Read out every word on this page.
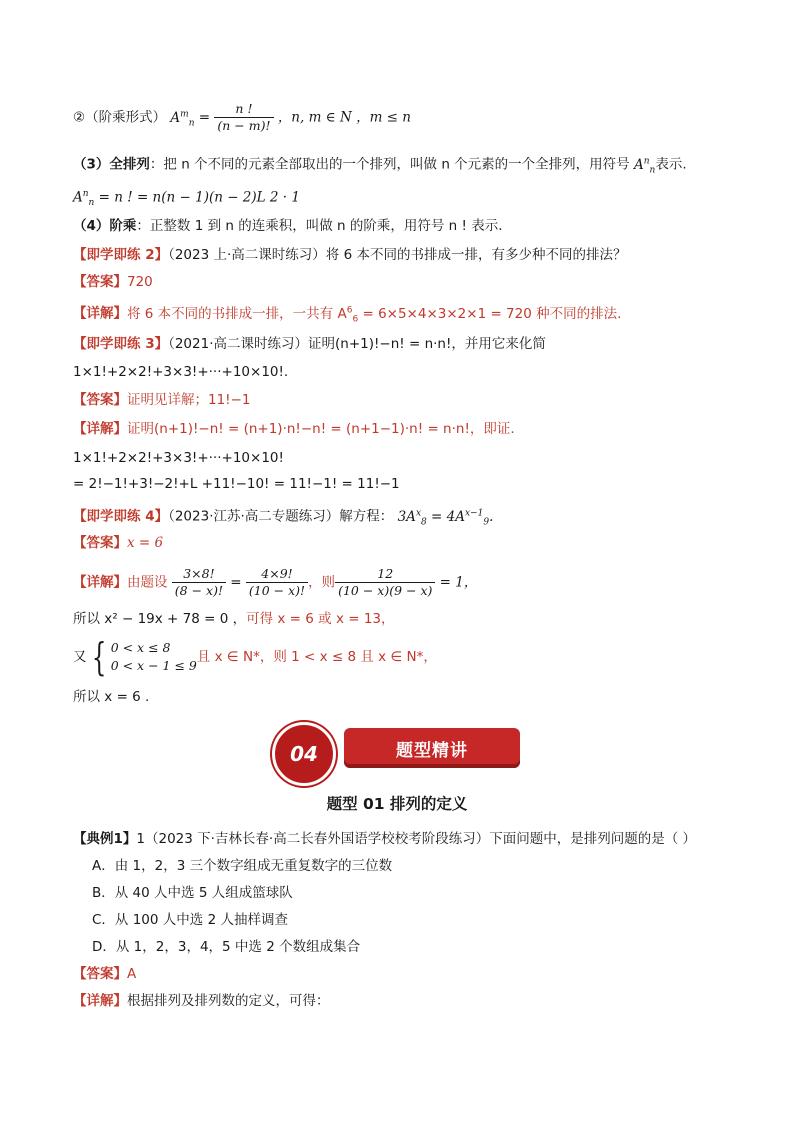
②（阶乘形式） $A^m_n = \frac{n !}{(n - m)!}$ ，n, m ∈ N ，m ≤ n
（3）全排列：把 n 个不同的元素全部取出的一个排列，叫做 n 个元素的一个全排列，用符号 $A^n_n$表示.
$A^n_n = n$ ! = n(n − 1)(n − 2)L 2 · 1
（4）阶乘：正整数 1 到 n 的连乘积，叫做 n 的阶乘，用符号 n ! 表示.
【即学即练 2】（2023 上·高二课时练习）将 6 本不同的书排成一排，有多少种不同的排法？
【答案】720
【详解】将 6 本不同的书排成一排，一共有 $A^6_6 = 6\times 5\times 4\times 3\times 2\times 1 = 720$ 种不同的排法.
【即学即练 3】（2021·高二课时练习）证明(n+1)!−n! = n·n!，并用它来化简
1×1!+2×2!+3×3!+···+10×10!.
【答案】证明见详解；11!−1
【详解】证明(n+1)!−n! = (n+1)·n!−n! = (n+1−1)·n! = n·n!，即证.
1×1!+2×2!+3×3!+···+10×10!
= 2!−1!+3!−2!+L +11!−10! = 11!−1! = 11!−1
【即学即练 4】（2023·江苏·高二专题练习）解方程： $3A^x_8 = 4A^{x-1}_9$.
【答案】x = 6
【详解】由题设 $\frac{3\times 8!}{(8 - x)!} = \frac{4\times 9!}{(10 - x)!}$ ，则 $\frac{12}{(10 - x)(9 - x)} = 1$，
所以 x² − 19x + 78 = 0 ，可得 x = 6 或 x = 13，
又 { 0 < x ≤ 8
0 < x − 1 ≤ 9
且 x ∈ N*，则 1 < x ≤ 8 且 x ∈ N*，
所以 x = 6 .
04	题型精讲
题型 01 排列的定义
【典例1】1（2023 下·吉林长春·高二长春外国语学校校考阶段练习）下面问题中，是排列问题的是（ ）
A．由 1，2，3 三个数字组成无重复数字的三位数
B．从 40 人中选 5 人组成篮球队
C．从 100 人中选 2 人抽样调查
D．从 1，2，3，4，5 中选 2 个数组成集合
【答案】A
【详解】根据排列及排列数的定义，可得：
